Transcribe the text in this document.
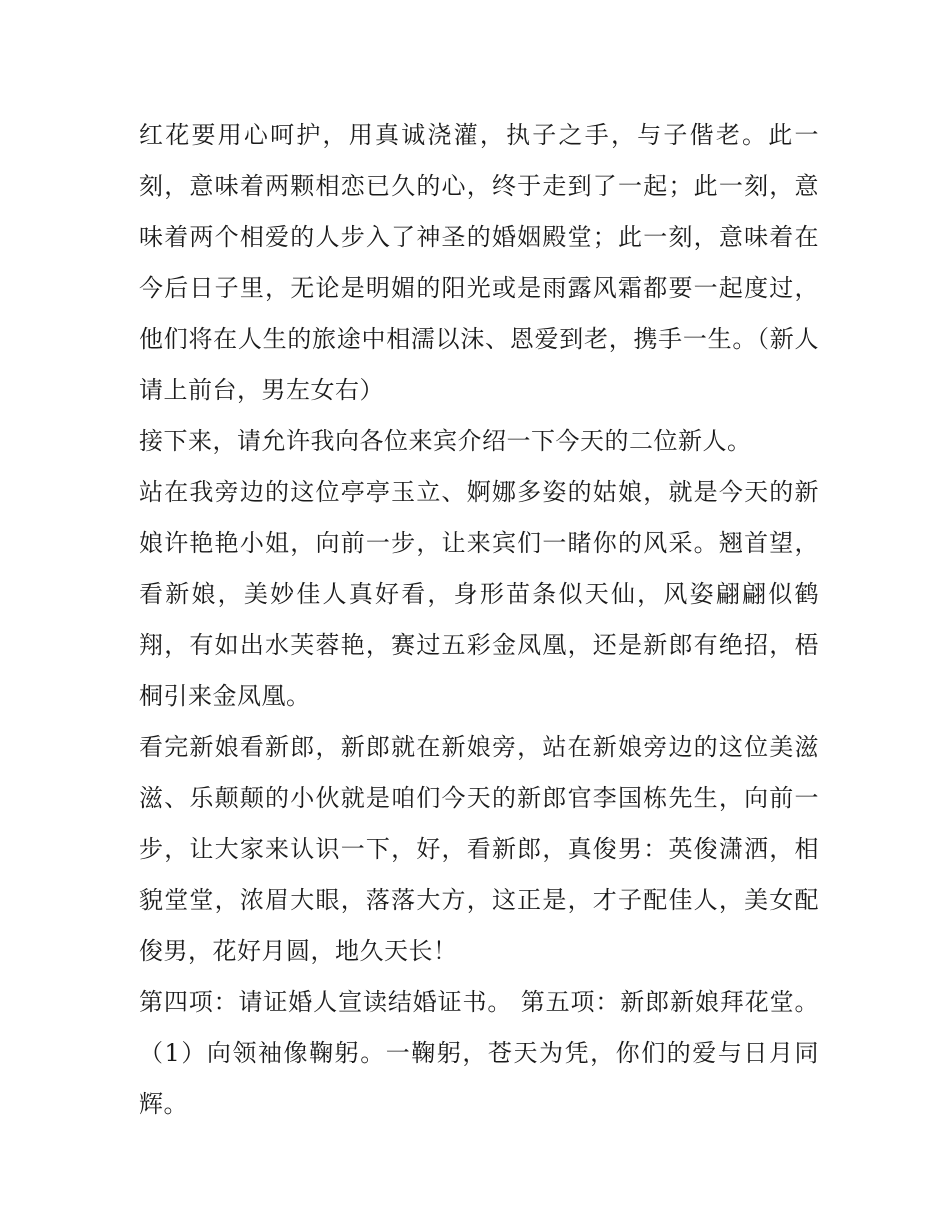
红花要用心呵护，用真诚浇灌，执子之手，与子偕老。此一刻，意味着两颗相恋已久的心，终于走到了一起；此一刻，意味着两个相爱的人步入了神圣的婚姻殿堂；此一刻，意味着在今后日子里，无论是明媚的阳光或是雨露风霜都要一起度过，他们将在人生的旅途中相濡以沫、恩爱到老，携手一生。（新人请上前台，男左女右）

接下来，请允许我向各位来宾介绍一下今天的二位新人。

站在我旁边的这位亭亭玉立、婀娜多姿的姑娘，就是今天的新娘许艳艳小姐，向前一步，让来宾们一睹你的风采。翘首望，看新娘，美妙佳人真好看，身形苗条似天仙，风姿翩翩似鹤翔，有如出水芙蓉艳，赛过五彩金凤凰，还是新郎有绝招，梧桐引来金凤凰。

看完新娘看新郎，新郎就在新娘旁，站在新娘旁边的这位美滋滋、乐颠颠的小伙就是咱们今天的新郎官李国栋先生，向前一步，让大家来认识一下，好，看新郎，真俊男：英俊潇洒，相貌堂堂，浓眉大眼，落落大方，这正是，才子配佳人，美女配俊男，花好月圆，地久天长！

第四项：请证婚人宣读结婚证书。 第五项：新郎新娘拜花堂。（1）向领袖像鞠躬。一鞠躬，苍天为凭，你们的爱与日月同辉。
